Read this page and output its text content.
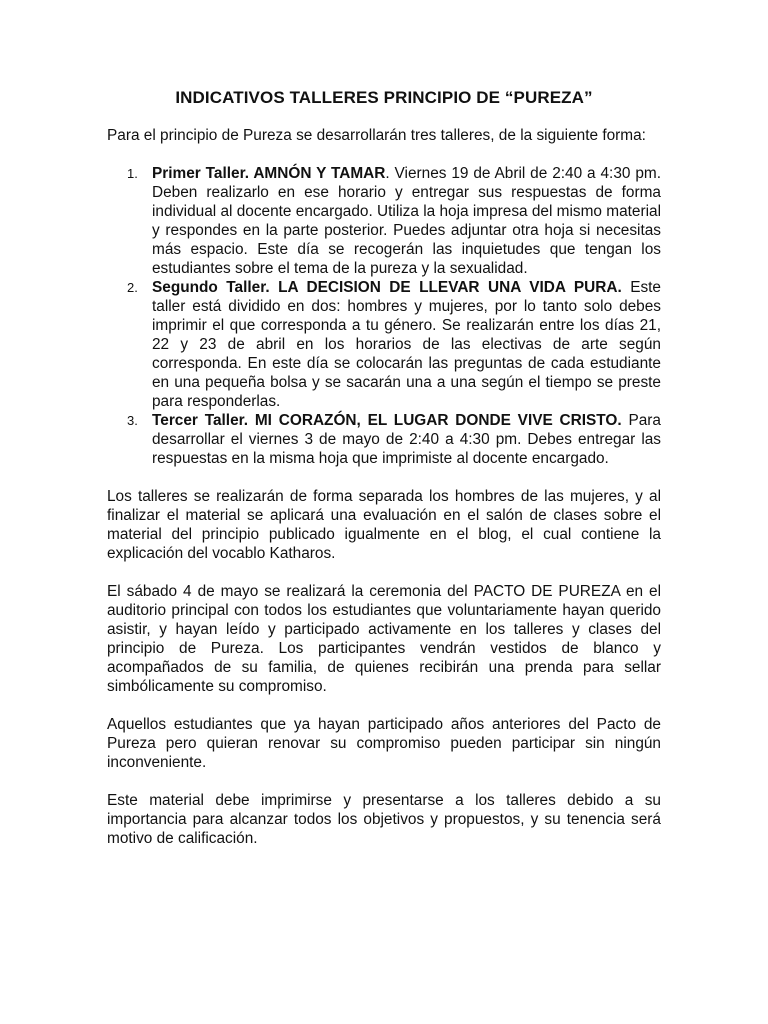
INDICATIVOS TALLERES PRINCIPIO DE “PUREZA”

Para el principio de Pureza se desarrollarán tres talleres, de la siguiente forma:

1. Primer Taller. AMNÓN Y TAMAR. Viernes 19 de Abril de 2:40 a 4:30 pm. Deben realizarlo en ese horario y entregar sus respuestas de forma individual al docente encargado. Utiliza la hoja impresa del mismo material y respondes en la parte posterior. Puedes adjuntar otra hoja si necesitas más espacio. Este día se recogerán las inquietudes que tengan los estudiantes sobre el tema de la pureza y la sexualidad.
2. Segundo Taller. LA DECISION DE LLEVAR UNA VIDA PURA. Este taller está dividido en dos: hombres y mujeres, por lo tanto solo debes imprimir el que corresponda a tu género. Se realizarán entre los días 21, 22 y 23 de abril en los horarios de las electivas de arte según corresponda. En este día se colocarán las preguntas de cada estudiante en una pequeña bolsa y se sacarán una a una según el tiempo se preste para responderlas.
3. Tercer Taller. MI CORAZÓN, EL LUGAR DONDE VIVE CRISTO. Para desarrollar el viernes 3 de mayo de 2:40 a 4:30 pm. Debes entregar las respuestas en la misma hoja que imprimiste al docente encargado.

Los talleres se realizarán de forma separada los hombres de las mujeres, y al finalizar el material se aplicará una evaluación en el salón de clases sobre el material del principio publicado igualmente en el blog, el cual contiene la explicación del vocablo Katharos.

El sábado 4 de mayo se realizará la ceremonia del PACTO DE PUREZA en el auditorio principal con todos los estudiantes que voluntariamente hayan querido asistir, y hayan leído y participado activamente en los talleres y clases del principio de Pureza. Los participantes vendrán vestidos de blanco y acompañados de su familia, de quienes recibirán una prenda para sellar simbólicamente su compromiso.

Aquellos estudiantes que ya hayan participado años anteriores del Pacto de Pureza pero quieran renovar su compromiso pueden participar sin ningún inconveniente.

Este material debe imprimirse y presentarse a los talleres debido a su importancia para alcanzar todos los objetivos y propuestos, y su tenencia será motivo de calificación.
